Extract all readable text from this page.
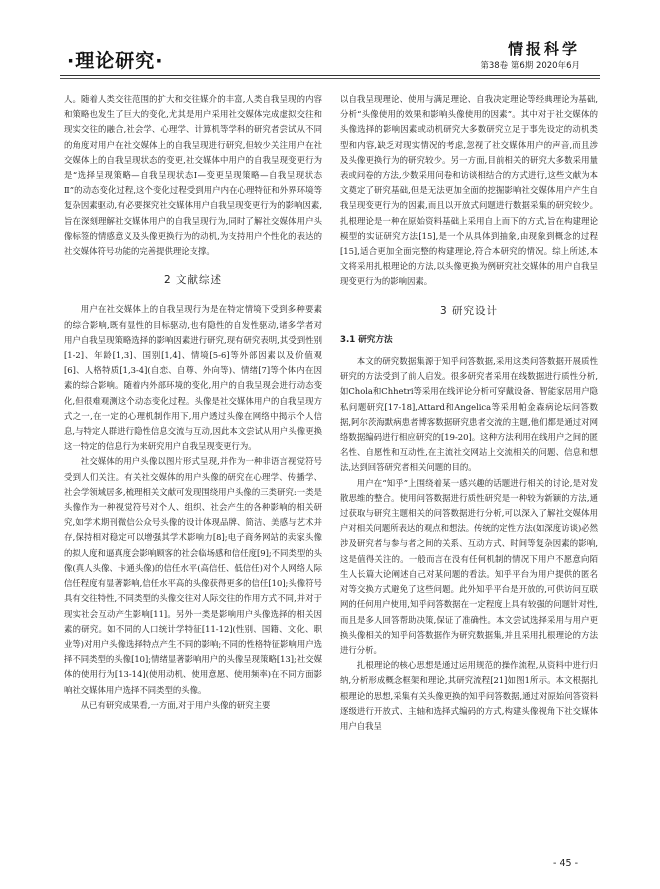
·理论研究·
情报科学
第38卷 第6期 2020年6月

人。随着人类交往范围的扩大和交往媒介的丰富,人类自我呈现的内容和策略也发生了巨大的变化,尤其是用户采用社交媒体完成虚拟交往和现实交往的融合,社会学、心理学、计算机等学科的研究者尝试从不同的角度对用户在社交媒体上的自我呈现进行研究,但较少关注用户在社交媒体上的自我呈现状态的变更,社交媒体中用户的自我呈现变更行为是“选择呈现策略—自我呈现状态Ⅰ—变更呈现策略—自我呈现状态Ⅱ”的动态变化过程,这个变化过程受到用户内在心理特征和外界环境等复杂因素驱动,有必要探究社交媒体用户自我呈现变更行为的影响因素,旨在深刻理解社交媒体用户的自我呈现行为,同时了解社交媒体用户头像标签的情感意义及头像更换行为的动机,为支持用户个性化的表达的社交媒体符号功能的完善提供理论支撑。

2 文献综述

用户在社交媒体上的自我呈现行为是在特定情境下受到多种要素的综合影响,既有显性的目标驱动,也有隐性的自发性驱动,诸多学者对用户自我呈现策略选择的影响因素进行研究,现有研究表明,其受到性别[1-2]、年龄[1,3]、国别[1,4]、情境[5-6]等外部因素以及价值观[6]、人格特质[1,3-4](自恋、自尊、外向等)、情绪[7]等个体内在因素的综合影响。随着内外部环境的变化,用户的自我呈现会进行动态变化,但很难观测这个动态变化过程。头像是社交媒体用户的自我呈现方式之一,在一定的心理机制作用下,用户透过头像在网络中揭示个人信息,与特定人群进行隐性信息交流与互动,因此本文尝试从用户头像更换这一特定的信息行为来研究用户自我呈现变更行为。

社交媒体的用户头像以图片形式呈现,并作为一种非语言视觉符号受到人们关注。有关社交媒体的用户头像的研究在心理学、传播学、社会学领域居多,梳理相关文献可发现围绕用户头像的三类研究:一类是头像作为一种视觉符号对个人、组织、社会产生的各种影响的相关研究,如学术期刊微信公众号头像的设计体现品牌、简洁、美感与艺术并存,保持相对稳定可以增强其学术影响力[8];电子商务网站的卖家头像的拟人度和逼真度会影响顾客的社会临场感和信任度[9];不同类型的头像(真人头像、卡通头像)的信任水平(高信任、低信任)对个人网络人际信任程度有显著影响,信任水平高的头像获得更多的信任[10];头像符号具有交往特性,不同类型的头像交往对人际交往的作用方式不同,并对于现实社会互动产生影响[11]。另外一类是影响用户头像选择的相关因素的研究。如不同的人口统计学特征[11-12](性别、国籍、文化、职业等)对用户头像选择特点产生不同的影响;不同的性格特征影响用户选择不同类型的头像[10];情绪显著影响用户的头像呈现策略[13];社交媒体的使用行为[13-14](使用动机、使用意愿、使用频率)在不同方面影响社交媒体用户选择不同类型的头像。

从已有研究成果看,一方面,对于用户头像的研究主要

以自我呈现理论、使用与满足理论、自我决定理论等经典理论为基础,分析“头像使用的效果和影响头像使用的因素”。其中对于社交媒体的头像选择的影响因素或动机研究大多数研究立足于事先设定的动机类型和内容,缺乏对现实情况的考虑,忽视了社交媒体用户的声音,而且涉及头像更换行为的研究较少。另一方面,目前相关的研究大多数采用量表或问卷的方法,少数采用问卷和访谈相结合的方式进行,这些文献为本文奠定了研究基础,但是无法更加全面的挖掘影响社交媒体用户产生自我呈现变更行为的因素,而且以开放式问题进行数据采集的研究较少。扎根理论是一种在原始资料基础上采用自上而下的方式,旨在构建理论模型的实证研究方法[15],是一个从具体到抽象,由现象到概念的过程[15],适合更加全面完整的构建理论,符合本研究的情况。综上所述,本文将采用扎根理论的方法,以头像更换为例研究社交媒体的用户自我呈现变更行为的影响因素。

3 研究设计
3.1 研究方法

本文的研究数据集源于知乎问答数据,采用这类问答数据开展质性研究的方法受到了前人启发。很多研究者采用在线数据进行质性分析,如Chola和Chhetri等采用在线评论分析可穿戴设备、智能家居用户隐私问题研究[17-18],Attard和Angelica等采用帕金森病论坛问答数据,阿尔茨海默病患者博客数据研究患者交流的主题,他们都是通过对网络数据编码进行相应研究的[19-20]。这种方法利用在线用户之间的匿名性、自愿性和互动性,在主流社交网站上交流相关的问题、信息和想法,达到回答研究者相关问题的目的。

用户在“知乎”上围绕着某一感兴趣的话题进行相关的讨论,是对发散思维的整合。使用问答数据进行质性研究是一种较为新颖的方法,通过获取与研究主题相关的问答数据进行分析,可以深入了解社交媒体用户对相关问题所表达的观点和想法。传统的定性方法(如深度访谈)必然涉及研究者与参与者之间的关系、互动方式、时间等复杂因素的影响,这是值得关注的。一般而言在没有任何机制的情况下用户不愿意向陌生人长篇大论阐述自己对某问题的看法。知乎平台为用户提供的匿名对等交换方式避免了这些问题。此外知乎平台是开放的,可供访问互联网的任何用户使用,知乎问答数据在一定程度上具有较强的问题针对性,而且是多人回答帮助决策,保证了准确性。本文尝试选择采用与用户更换头像相关的知乎问答数据作为研究数据集,并且采用扎根理论的方法进行分析。

扎根理论的核心思想是通过运用规范的操作流程,从资料中进行归纳,分析形成概念框架和理论,其研究流程[21]如图1所示。本文根据扎根理论的思想,采集有关头像更换的知乎问答数据,通过对原始问答资料逐级进行开放式、主轴和选择式编码的方式,构建头像视角下社交媒体用户自我呈

- 45 -
